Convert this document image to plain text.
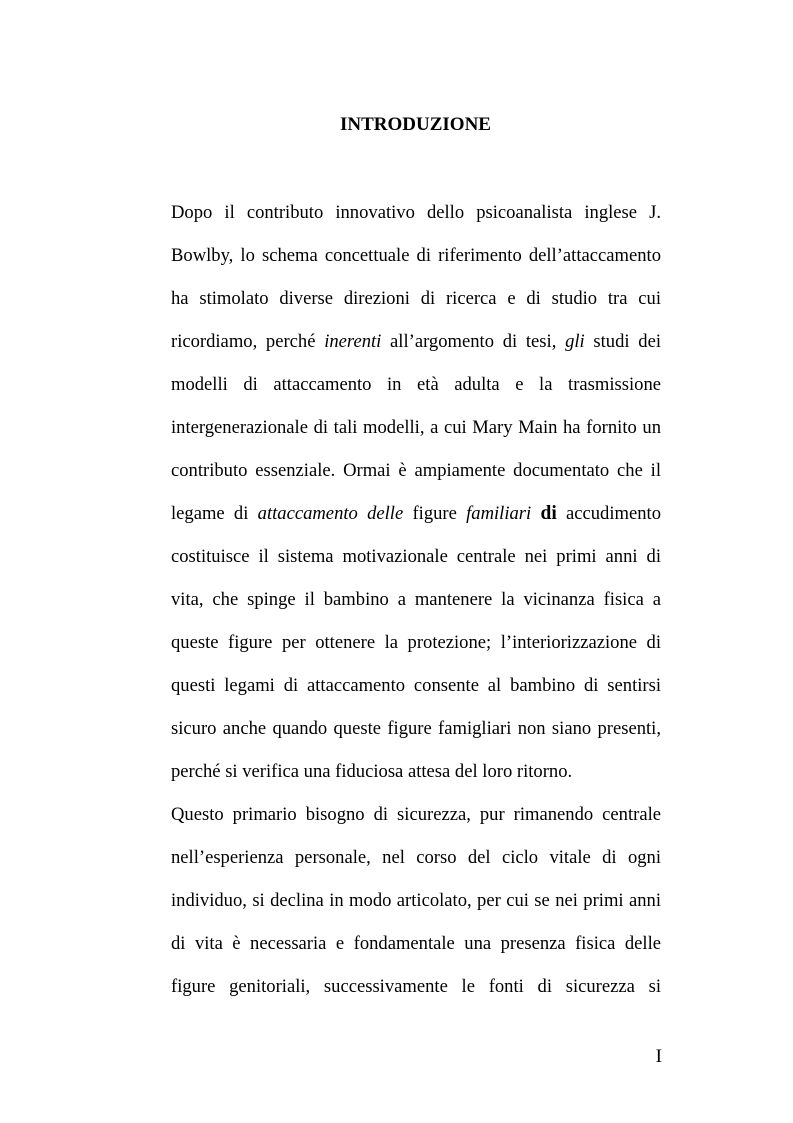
INTRODUZIONE
Dopo il contributo innovativo dello psicoanalista inglese J.
Bowlby, lo schema concettuale di riferimento dell’attaccamento
ha stimolato diverse direzioni di ricerca e di studio tra cui
ricordiamo, perché inerenti all’argomento di tesi, gli studi dei
modelli di attaccamento in età adulta e la trasmissione
intergenerazionale di tali modelli, a cui Mary Main ha fornito un
contributo essenziale. Ormai è ampiamente documentato che il
legame di attaccamento delle figure familiari di accudimento
costituisce il sistema motivazionale centrale nei primi anni di
vita, che spinge il bambino a mantenere la vicinanza fisica a
queste figure per ottenere la protezione; l’interiorizzazione di
questi legami di attaccamento consente al bambino di sentirsi
sicuro anche quando queste figure famigliari non siano presenti,
perché si verifica una fiduciosa attesa del loro ritorno.
Questo primario bisogno di sicurezza, pur rimanendo centrale
nell’esperienza personale, nel corso del ciclo vitale di ogni
individuo, si declina in modo articolato, per cui se nei primi anni
di vita è necessaria e fondamentale una presenza fisica delle
figure genitoriali, successivamente le fonti di sicurezza si
I
